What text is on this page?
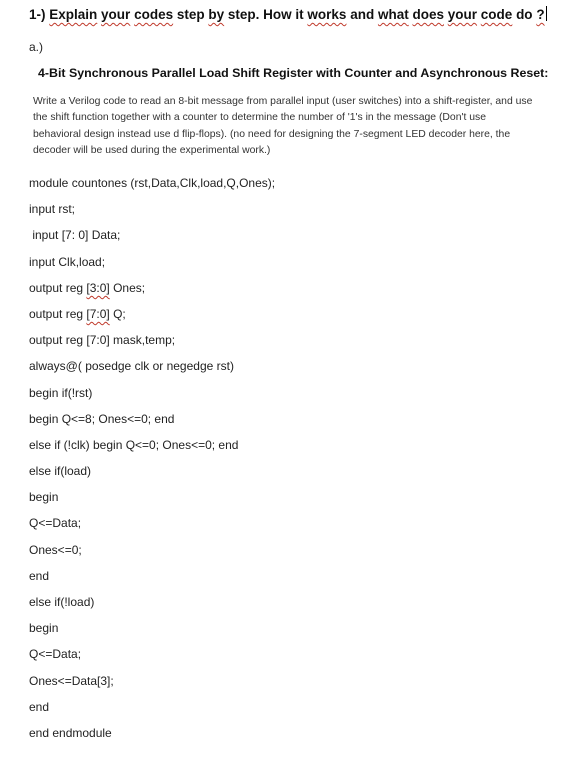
1-) Explain your codes step by step. How it works and what does your code do ?
a.)
4-Bit Synchronous Parallel Load Shift Register with Counter and Asynchronous Reset:

Write a Verilog code to read an 8-bit message from parallel input (user switches) into a shift-register, and use the shift function together with a counter to determine the number of '1's in the message (Don't use behavioral design instead use d flip-flops). (no need for designing the 7-segment LED decoder here, the decoder will be used during the experimental work.)

module countones (rst,Data,Clk,load,Q,Ones);
input rst;
input [7: 0] Data;
input Clk,load;
output reg [3:0] Ones;
output reg [7:0] Q;
output reg [7:0] mask,temp;
always@( posedge clk or negedge rst)
begin if(!rst)
begin Q<=8; Ones<=0; end
else if (!clk) begin Q<=0; Ones<=0; end
else if(load)
begin
Q<=Data;
Ones<=0;
end
else if(!load)
begin
Q<=Data;
Ones<=Data[3];
end
end endmodule
